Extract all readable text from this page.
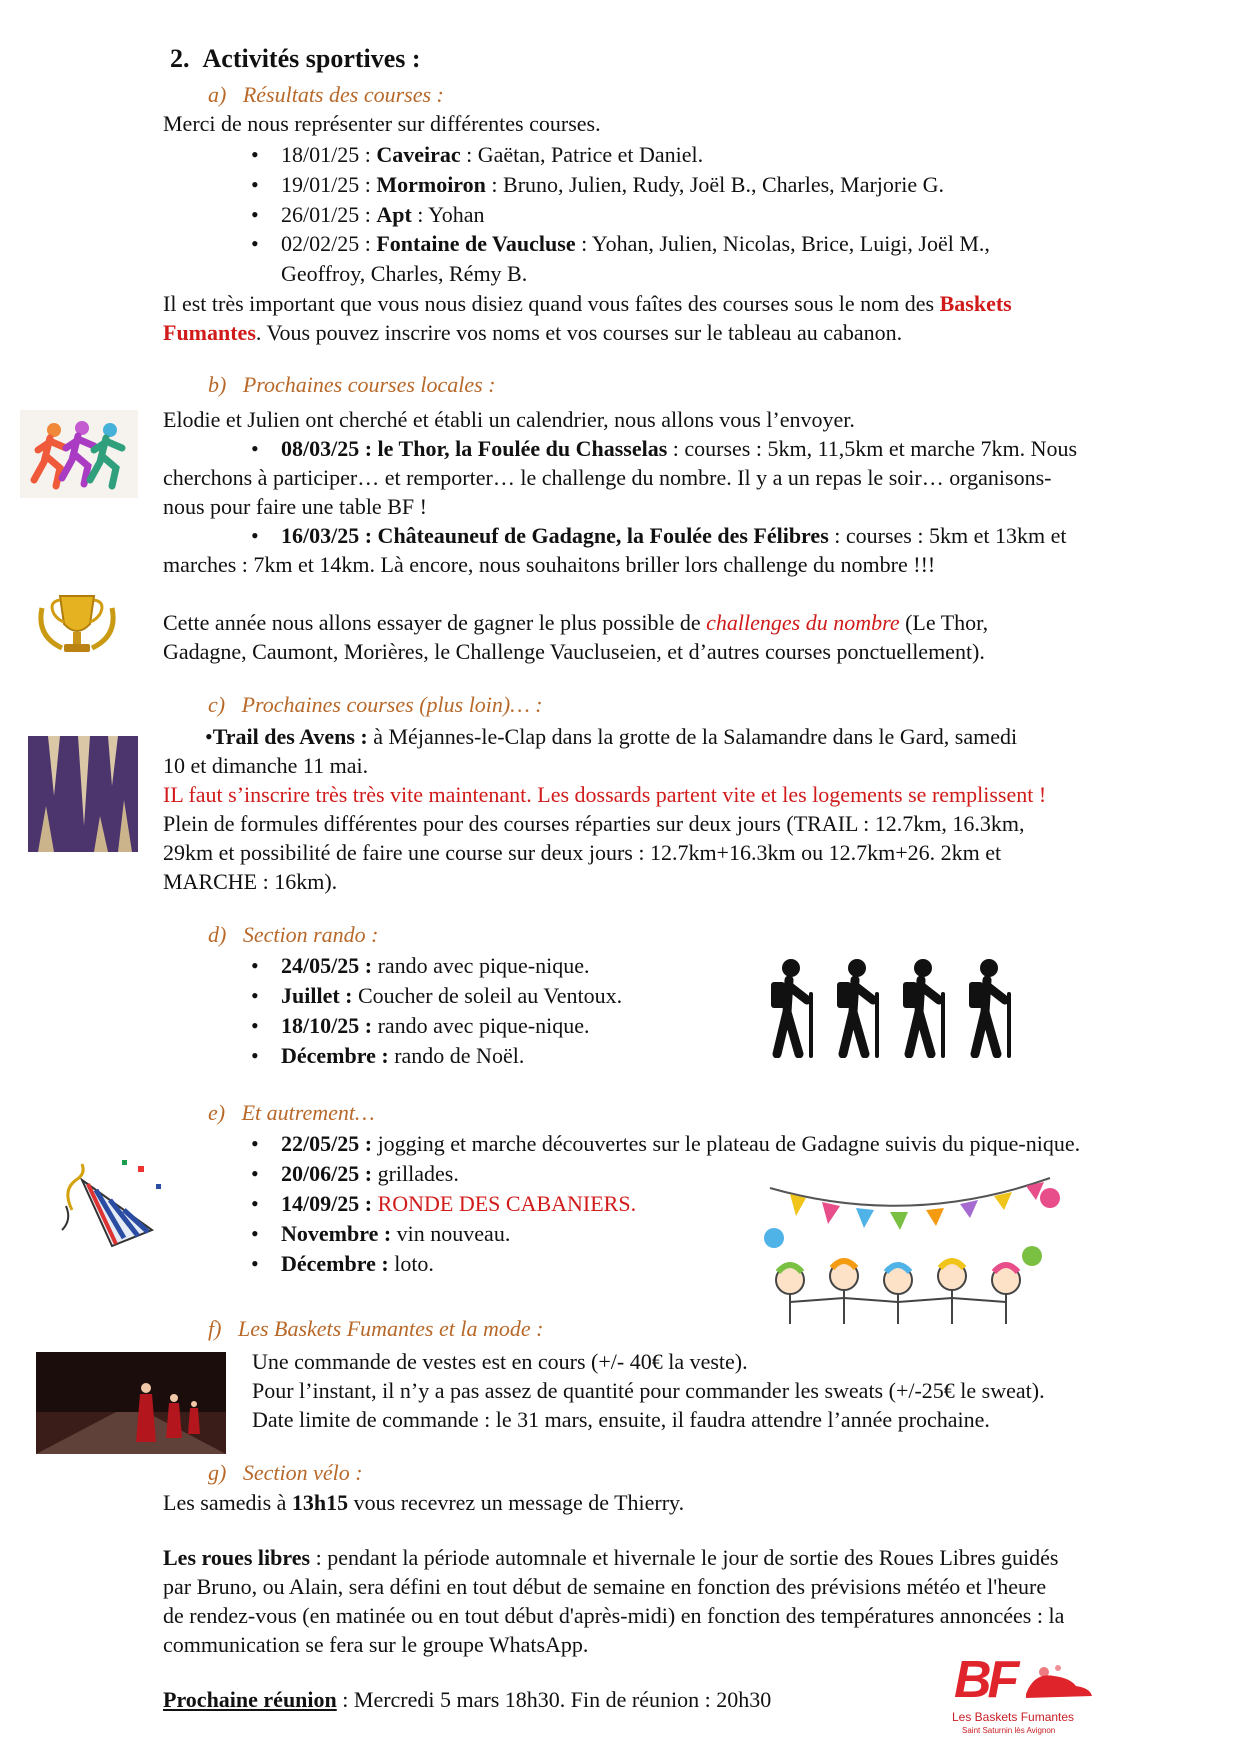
2. Activités sportives :
a) Résultats des courses :
Merci de nous représenter sur différentes courses.
• 18/01/25 : Caveirac : Gaëtan, Patrice et Daniel.
• 19/01/25 : Mormoiron : Bruno, Julien, Rudy, Joël B., Charles, Marjorie G.
• 26/01/25 : Apt : Yohan
• 02/02/25 : Fontaine de Vaucluse : Yohan, Julien, Nicolas, Brice, Luigi, Joël M.,
Geoffroy, Charles, Rémy B.
Il est très important que vous nous disiez quand vous faîtes des courses sous le nom des Baskets
Fumantes. Vous pouvez inscrire vos noms et vos courses sur le tableau au cabanon.
b) Prochaines courses locales :
Elodie et Julien ont cherché et établi un calendrier, nous allons vous l’envoyer.
• 08/03/25 : le Thor, la Foulée du Chasselas : courses : 5km, 11,5km et marche 7km. Nous
cherchons à participer… et remporter… le challenge du nombre. Il y a un repas le soir… organisons-
nous pour faire une table BF !
• 16/03/25 : Châteauneuf de Gadagne, la Foulée des Félibres : courses : 5km et 13km et
marches : 7km et 14km. Là encore, nous souhaitons briller lors challenge du nombre !!!
Cette année nous allons essayer de gagner le plus possible de challenges du nombre (Le Thor,
Gadagne, Caumont, Morières, le Challenge Vaucluseien, et d’autres courses ponctuellement).
c) Prochaines courses (plus loin)… :
•Trail des Avens : à Méjannes-le-Clap dans la grotte de la Salamandre dans le Gard, samedi
10 et dimanche 11 mai.
IL faut s’inscrire très très vite maintenant. Les dossards partent vite et les logements se remplissent !
Plein de formules différentes pour des courses réparties sur deux jours (TRAIL : 12.7km, 16.3km,
29km et possibilité de faire une course sur deux jours : 12.7km+16.3km ou 12.7km+26. 2km et
MARCHE : 16km).
d) Section rando :
• 24/05/25 : rando avec pique-nique.
• Juillet : Coucher de soleil au Ventoux.
• 18/10/25 : rando avec pique-nique.
• Décembre : rando de Noël.
e) Et autrement…
• 22/05/25 : jogging et marche découvertes sur le plateau de Gadagne suivis du pique-nique.
• 20/06/25 : grillades.
• 14/09/25 : RONDE DES CABANIERS.
• Novembre : vin nouveau.
• Décembre : loto.
f) Les Baskets Fumantes et la mode :
Une commande de vestes est en cours (+/- 40€ la veste).
Pour l’instant, il n’y a pas assez de quantité pour commander les sweats (+/-25€ le sweat).
Date limite de commande : le 31 mars, ensuite, il faudra attendre l’année prochaine.
g) Section vélo :
Les samedis à 13h15 vous recevrez un message de Thierry.
Les roues libres : pendant la période automnale et hivernale le jour de sortie des Roues Libres guidés
par Bruno, ou Alain, sera défini en tout début de semaine en fonction des prévisions météo et l'heure
de rendez-vous (en matinée ou en tout début d'après-midi) en fonction des températures annoncées : la
communication se fera sur le groupe WhatsApp.
Prochaine réunion : Mercredi 5 mars 18h30. Fin de réunion : 20h30	BF
Les Baskets Fumantes
Saint Saturnin lès Avignon
